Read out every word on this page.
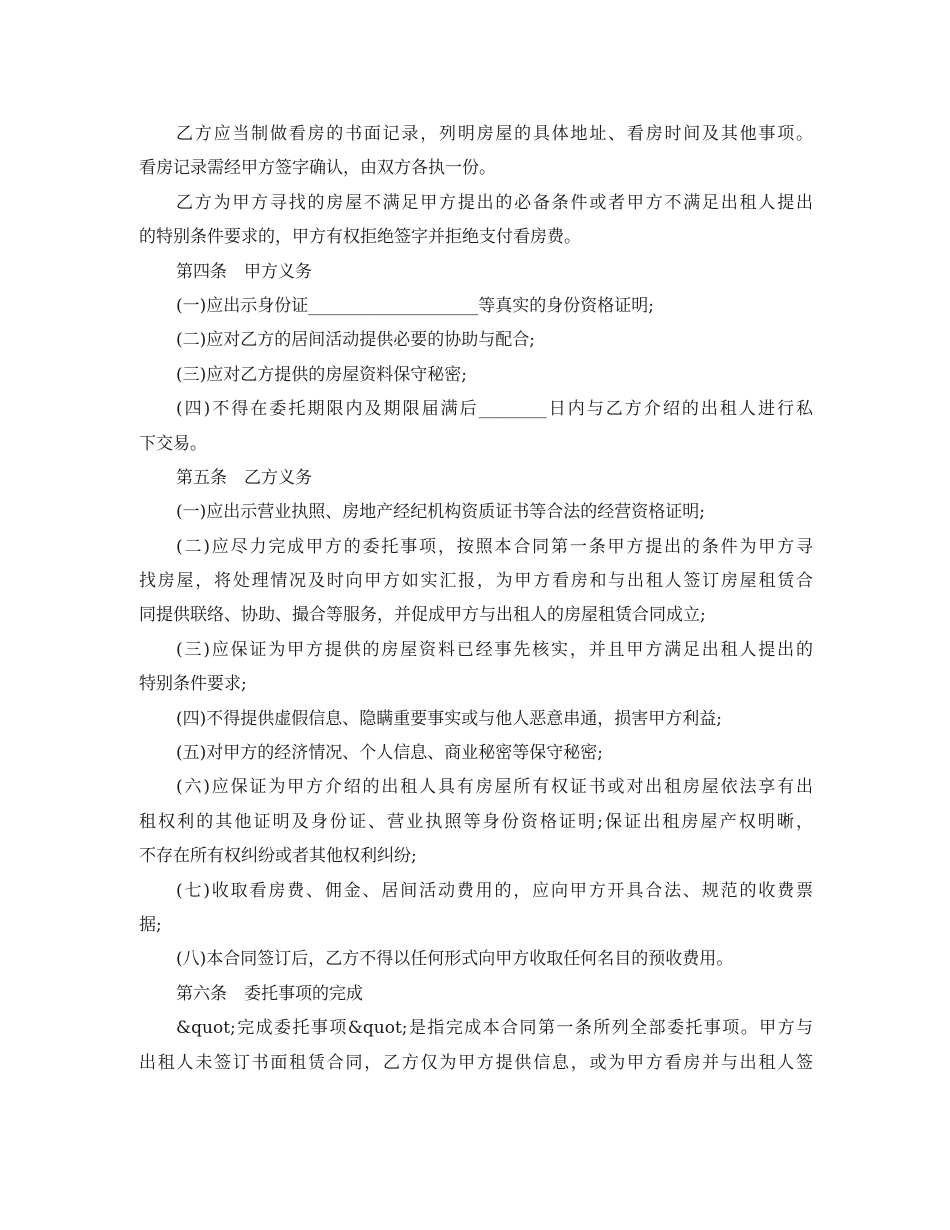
乙方应当制做看房的书面记录，列明房屋的具体地址、看房时间及其他事项。
看房记录需经甲方签字确认，由双方各执一份。
乙方为甲方寻找的房屋不满足甲方提出的必备条件或者甲方不满足出租人提出
的特别条件要求的，甲方有权拒绝签字并拒绝支付看房费。
第四条　甲方义务
(一)应出示身份证____________________等真实的身份资格证明;
(二)应对乙方的居间活动提供必要的协助与配合;
(三)应对乙方提供的房屋资料保守秘密;
(四)不得在委托期限内及期限届满后________日内与乙方介绍的出租人进行私
下交易。
第五条　乙方义务
(一)应出示营业执照、房地产经纪机构资质证书等合法的经营资格证明;
(二)应尽力完成甲方的委托事项，按照本合同第一条甲方提出的条件为甲方寻
找房屋，将处理情况及时向甲方如实汇报，为甲方看房和与出租人签订房屋租赁合
同提供联络、协助、撮合等服务，并促成甲方与出租人的房屋租赁合同成立;
(三)应保证为甲方提供的房屋资料已经事先核实，并且甲方满足出租人提出的
特别条件要求;
(四)不得提供虚假信息、隐瞒重要事实或与他人恶意串通，损害甲方利益;
(五)对甲方的经济情况、个人信息、商业秘密等保守秘密;
(六)应保证为甲方介绍的出租人具有房屋所有权证书或对出租房屋依法享有出
租权利的其他证明及身份证、营业执照等身份资格证明;保证出租房屋产权明晰，
不存在所有权纠纷或者其他权利纠纷;
(七)收取看房费、佣金、居间活动费用的，应向甲方开具合法、规范的收费票
据;
(八)本合同签订后，乙方不得以任何形式向甲方收取任何名目的预收费用。
第六条　委托事项的完成
&quot;完成委托事项&quot;是指完成本合同第一条所列全部委托事项。甲方与
出租人未签订书面租赁合同，乙方仅为甲方提供信息，或为甲方看房并与出租人签
